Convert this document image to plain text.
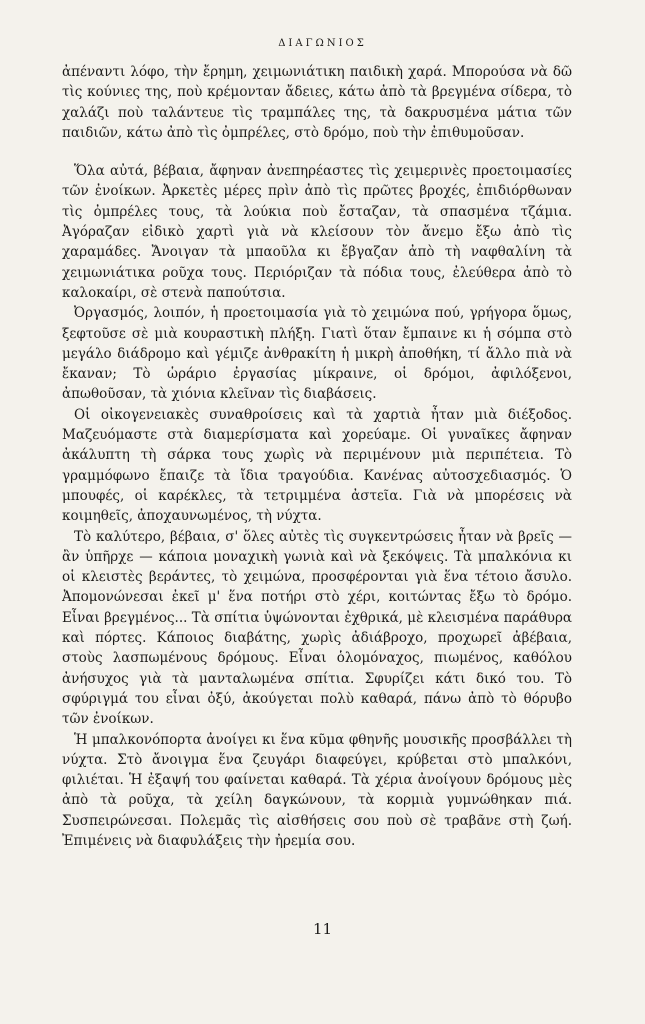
ΔΙΑΓΩΝΙΟΣ

ἀπέναντι λόφο, τὴν ἔρημη, χειμωνιάτικη παιδικὴ χαρά. Μπορούσα νὰ δῶ τὶς κούνιες της, ποὺ κρέμονταν ἄδειες, κάτω ἀπὸ τὰ βρεγμένα σίδερα, τὸ χαλάζι ποὺ ταλάντευε τὶς τραμπάλες της, τὰ δακρυσμένα μάτια τῶν παιδιῶν, κάτω ἀπὸ τὶς ὀμπρέλες, στὸ δρόμο, ποὺ τὴν ἐπιθυμοῦσαν.

Ὅλα αὐτά, βέβαια, ἄφηναν ἀνεπηρέαστες τὶς χειμερινὲς προετοιμασίες τῶν ἐνοίκων. Ἀρκετὲς μέρες πρὶν ἀπὸ τὶς πρῶτες βροχές, ἐπιδιόρθωναν τὶς ὀμπρέλες τους, τὰ λούκια ποὺ ἔσταζαν, τὰ σπασμένα τζάμια. Ἀγόραζαν εἰδικὸ χαρτὶ γιὰ νὰ κλείσουν τὸν ἄνεμο ἔξω ἀπὸ τὶς χαραμάδες. Ἄνοιγαν τὰ μπαοῦλα κι ἔβγαζαν ἀπὸ τὴ ναφθαλίνη τὰ χειμωνιάτικα ροῦχα τους. Περιόριζαν τὰ πόδια τους, ἐλεύθερα ἀπὸ τὸ καλοκαίρι, σὲ στενὰ παπούτσια.

Ὀργασμός, λοιπόν, ἡ προετοιμασία γιὰ τὸ χειμώνα πού, γρήγορα ὅμως, ξεφτοῦσε σὲ μιὰ κουραστικὴ πλήξη. Γιατὶ ὅταν ἔμπαινε κι ἡ σόμπα στὸ μεγάλο διάδρομο καὶ γέμιζε ἀνθρακίτη ἡ μικρὴ ἀποθήκη, τί ἄλλο πιὰ νὰ ἔκαναν; Τὸ ὡράριο ἐργασίας μίκραινε, οἱ δρόμοι, ἀφιλόξενοι, ἀπωθοῦσαν, τὰ χιόνια κλεῖναν τὶς διαβάσεις.

Οἱ οἰκογενειακὲς συναθροίσεις καὶ τὰ χαρτιὰ ἦταν μιὰ διέξοδος. Μαζευόμαστε στὰ διαμερίσματα καὶ χορεύαμε. Οἱ γυναῖκες ἄφηναν ἀκάλυπτη τὴ σάρκα τους χωρὶς νὰ περιμένουν μιὰ περιπέτεια. Τὸ γραμμόφωνο ἔπαιζε τὰ ἴδια τραγούδια. Κανένας αὐτοσχεδιασμός. Ὁ μπουφές, οἱ καρέκλες, τὰ τετριμμένα ἀστεῖα. Γιὰ νὰ μπορέσεις νὰ κοιμηθεῖς, ἀποχαυνωμένος, τὴ νύχτα.

Τὸ καλύτερο, βέβαια, σ' ὅλες αὐτὲς τὶς συγκεντρώσεις ἦταν νὰ βρεῖς — ἂν ὑπῆρχε — κάποια μοναχικὴ γωνιὰ καὶ νὰ ξεκόψεις. Τὰ μπαλκόνια κι οἱ κλειστὲς βεράντες, τὸ χειμώνα, προσφέρονται γιὰ ἕνα τέτοιο ἄσυλο. Ἀπομονώνεσαι ἐκεῖ μ' ἕνα ποτήρι στὸ χέρι, κοιτώντας ἔξω τὸ δρόμο. Εἶναι βρεγμένος... Τὰ σπίτια ὑψώνονται ἐχθρικά, μὲ κλεισμένα παράθυρα καὶ πόρτες. Κάποιος διαβάτης, χωρὶς ἀδιάβροχο, προχωρεῖ ἀβέβαια, στοὺς λασπωμένους δρόμους. Εἶναι ὁλομόναχος, πιωμένος, καθόλου ἀνήσυχος γιὰ τὰ μανταλωμένα σπίτια. Σφυρίζει κάτι δικό του. Τὸ σφύριγμά του εἶναι ὀξύ, ἀκούγεται πολὺ καθαρά, πάνω ἀπὸ τὸ θόρυβο τῶν ἐνοίκων.

Ἡ μπαλκονόπορτα ἀνοίγει κι ἕνα κῦμα φθηνῆς μουσικῆς προσβάλλει τὴ νύχτα. Στὸ ἄνοιγμα ἕνα ζευγάρι διαφεύγει, κρύβεται στὸ μπαλκόνι, φιλιέται. Ἡ ἐξαψή του φαίνεται καθαρά. Τὰ χέρια ἀνοίγουν δρόμους μὲς ἀπὸ τὰ ροῦχα, τὰ χείλη δαγκώνουν, τὰ κορμιὰ γυμνώθηκαν πιά. Συσπειρώνεσαι. Πολεμᾶς τὶς αἰσθήσεις σου ποὺ σὲ τραβᾶνε στὴ ζωή. Ἐπιμένεις νὰ διαφυλάξεις τὴν ἠρεμία σου.

11
